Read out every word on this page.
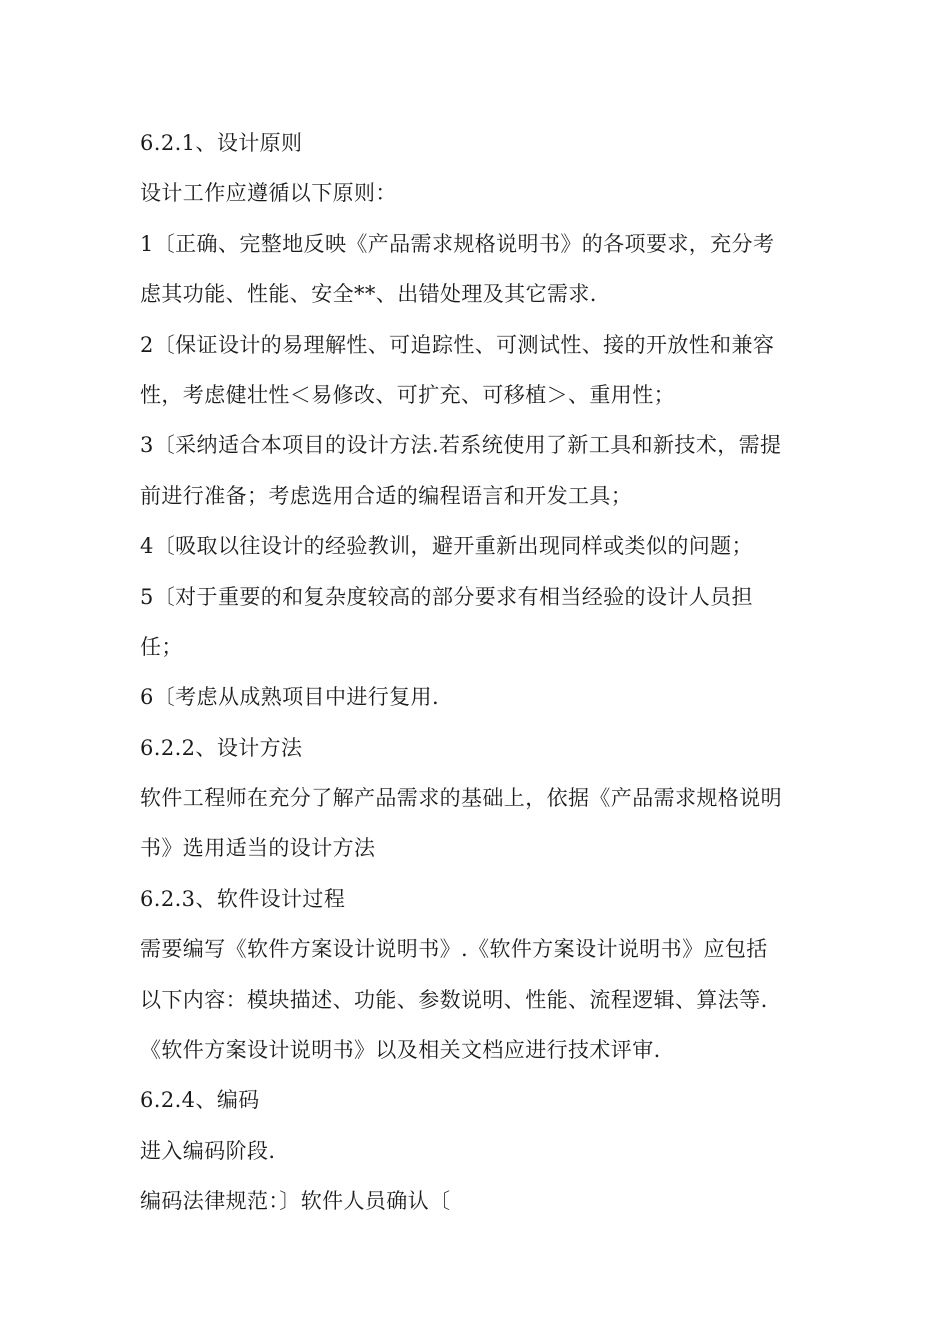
6.2.1、设计原则
设计工作应遵循以下原则：
1〔正确、完整地反映《产品需求规格说明书》的各项要求，充分考
虑其功能、性能、安全**、出错处理及其它需求.
2〔保证设计的易理解性、可追踪性、可测试性、接的开放性和兼容
性，考虑健壮性＜易修改、可扩充、可移植＞、重用性；
3〔采纳适合本项目的设计方法.若系统使用了新工具和新技术，需提
前进行准备；考虑选用合适的编程语言和开发工具；
4〔吸取以往设计的经验教训，避开重新出现同样或类似的问题；
5〔对于重要的和复杂度较高的部分要求有相当经验的设计人员担
任；
6〔考虑从成熟项目中进行复用.
6.2.2、设计方法
软件工程师在充分了解产品需求的基础上，依据《产品需求规格说明
书》选用适当的设计方法
6.2.3、软件设计过程
需要编写《软件方案设计说明书》.《软件方案设计说明书》应包括
以下内容：模块描述、功能、参数说明、性能、流程逻辑、算法等.
《软件方案设计说明书》以及相关文档应进行技术评审.
6.2.4、编码
进入编码阶段.
编码法律规范：〕软件人员确认〔
